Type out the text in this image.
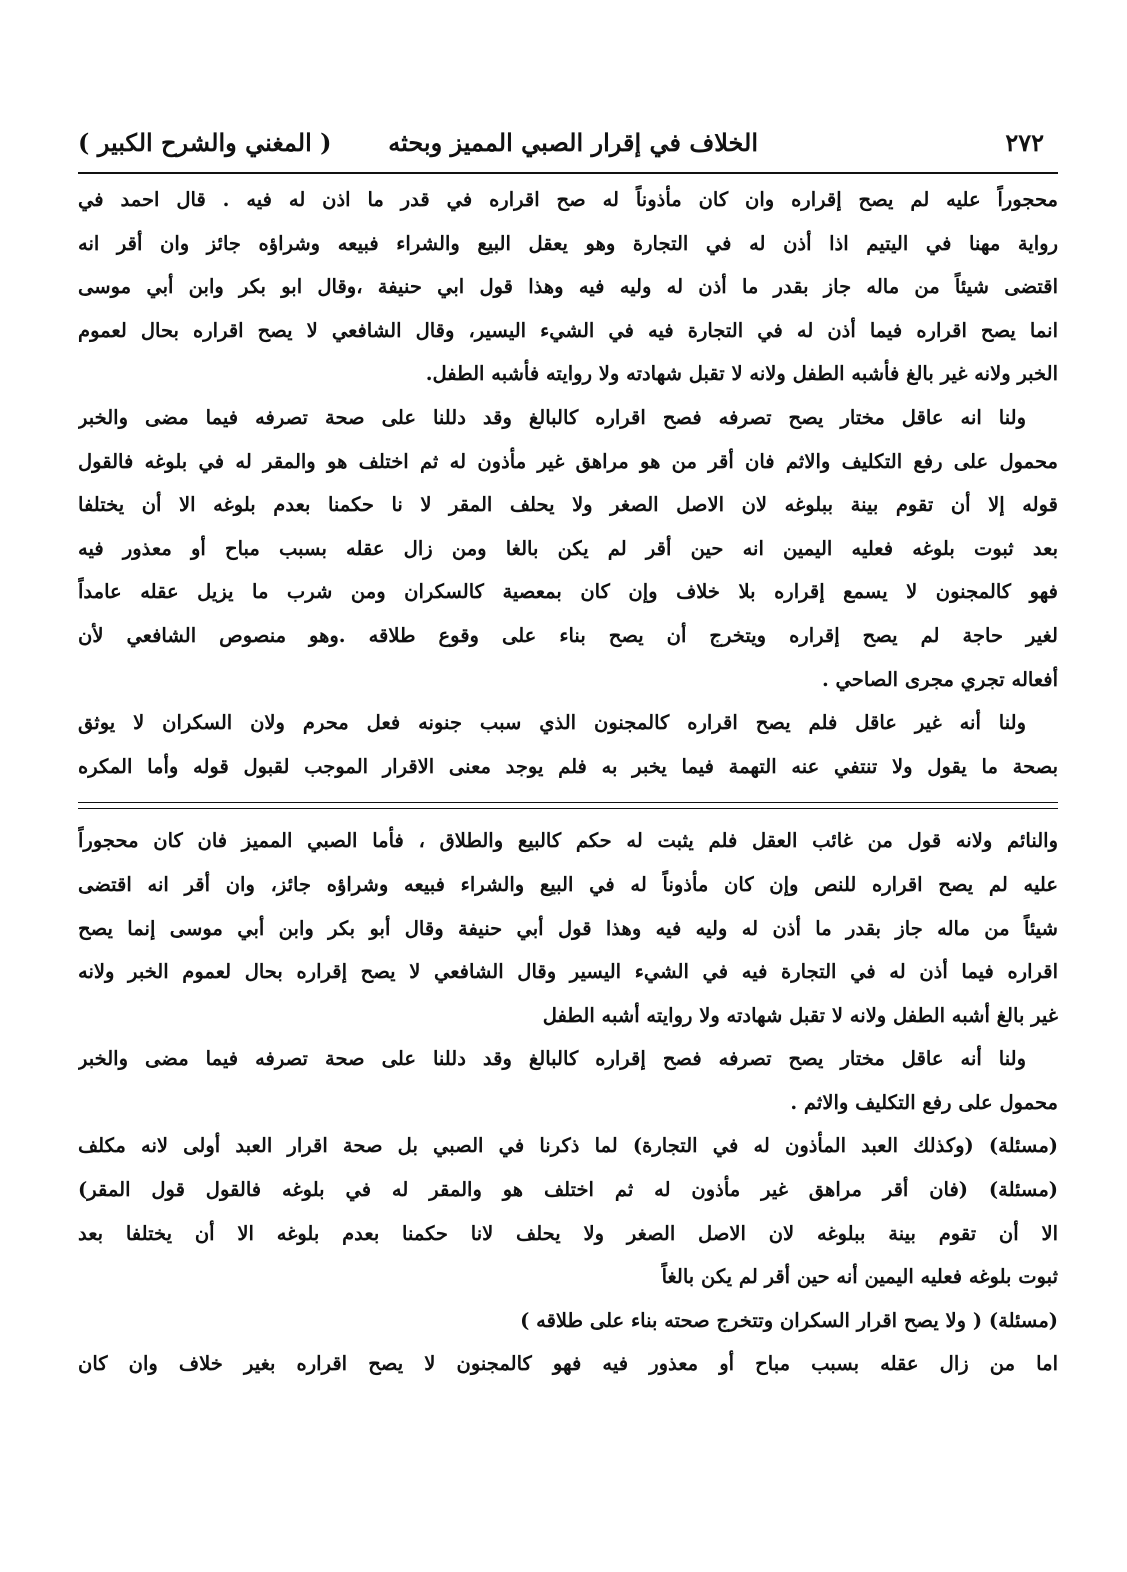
٢٧٢
الخلاف في إقرار الصبي المميز وبحثه
( المغني والشرح الكبير )
محجوراً عليه لم يصح إقراره وان كان مأذوناً له صح اقراره في قدر ما اذن له فيه . قال احمد في
رواية مهنا في اليتيم اذا أذن له في التجارة وهو يعقل البيع والشراء فبيعه وشراؤه جائز وان أقر انه
اقتضى شيئاً من ماله جاز بقدر ما أذن له وليه فيه وهذا قول ابي حنيفة ،وقال ابو بكر وابن أبي موسى
انما يصح اقراره فيما أذن له في التجارة فيه في الشيء اليسير، وقال الشافعي لا يصح اقراره بحال لعموم
الخبر ولانه غير بالغ فأشبه الطفل ولانه لا تقبل شهادته ولا روايته فأشبه الطفل.
ولنا انه عاقل مختار يصح تصرفه فصح اقراره كالبالغ وقد دللنا على صحة تصرفه فيما مضى والخبر
محمول على رفع التكليف والاثم فان أقر من هو مراهق غير مأذون له ثم اختلف هو والمقر له في بلوغه فالقول
قوله إلا أن تقوم بينة ببلوغه لان الاصل الصغر ولا يحلف المقر لا نا حكمنا بعدم بلوغه الا أن يختلفا
بعد ثبوت بلوغه فعليه اليمين انه حين أقر لم يكن بالغا ومن زال عقله بسبب مباح أو معذور فيه
فهو كالمجنون لا يسمع إقراره بلا خلاف وإن كان بمعصية كالسكران ومن شرب ما يزيل عقله عامداً
لغير حاجة لم يصح إقراره ويتخرج أن يصح بناء على وقوع طلاقه .وهو منصوص الشافعي لأن
أفعاله تجري مجرى الصاحي .
ولنا أنه غير عاقل فلم يصح اقراره كالمجنون الذي سبب جنونه فعل محرم ولان السكران لا يوثق
بصحة ما يقول ولا تنتفي عنه التهمة فيما يخبر به فلم يوجد معنى الاقرار الموجب لقبول قوله وأما المكره
والنائم ولانه قول من غائب العقل فلم يثبت له حكم كالبيع والطلاق ، فأما الصبي المميز فان كان محجوراً
عليه لم يصح اقراره للنص وإن كان مأذوناً له في البيع والشراء فبيعه وشراؤه جائز، وان أقر انه اقتضى
شيئاً من ماله جاز بقدر ما أذن له وليه فيه وهذا قول أبي حنيفة وقال أبو بكر وابن أبي موسى إنما يصح
اقراره فيما أذن له في التجارة فيه في الشيء اليسير وقال الشافعي لا يصح إقراره بحال لعموم الخبر ولانه
غير بالغ أشبه الطفل ولانه لا تقبل شهادته ولا روايته أشبه الطفل
ولنا أنه عاقل مختار يصح تصرفه فصح إقراره كالبالغ وقد دللنا على صحة تصرفه فيما مضى والخبر
محمول على رفع التكليف والاثم .
(مسئلة) (وكذلك العبد المأذون له في التجارة) لما ذكرنا في الصبي بل صحة اقرار العبد أولى لانه مكلف
(مسئلة) (فان أقر مراهق غير مأذون له ثم اختلف هو والمقر له في بلوغه فالقول قول المقر)
الا أن تقوم بينة ببلوغه لان الاصل الصغر ولا يحلف لانا حكمنا بعدم بلوغه الا أن يختلفا بعد
ثبوت بلوغه فعليه اليمين أنه حين أقر لم يكن بالغاً
(مسئلة) ( ولا يصح اقرار السكران وتتخرج صحته بناء على طلاقه )
اما من زال عقله بسبب مباح أو معذور فيه فهو كالمجنون لا يصح اقراره بغير خلاف وان كان
